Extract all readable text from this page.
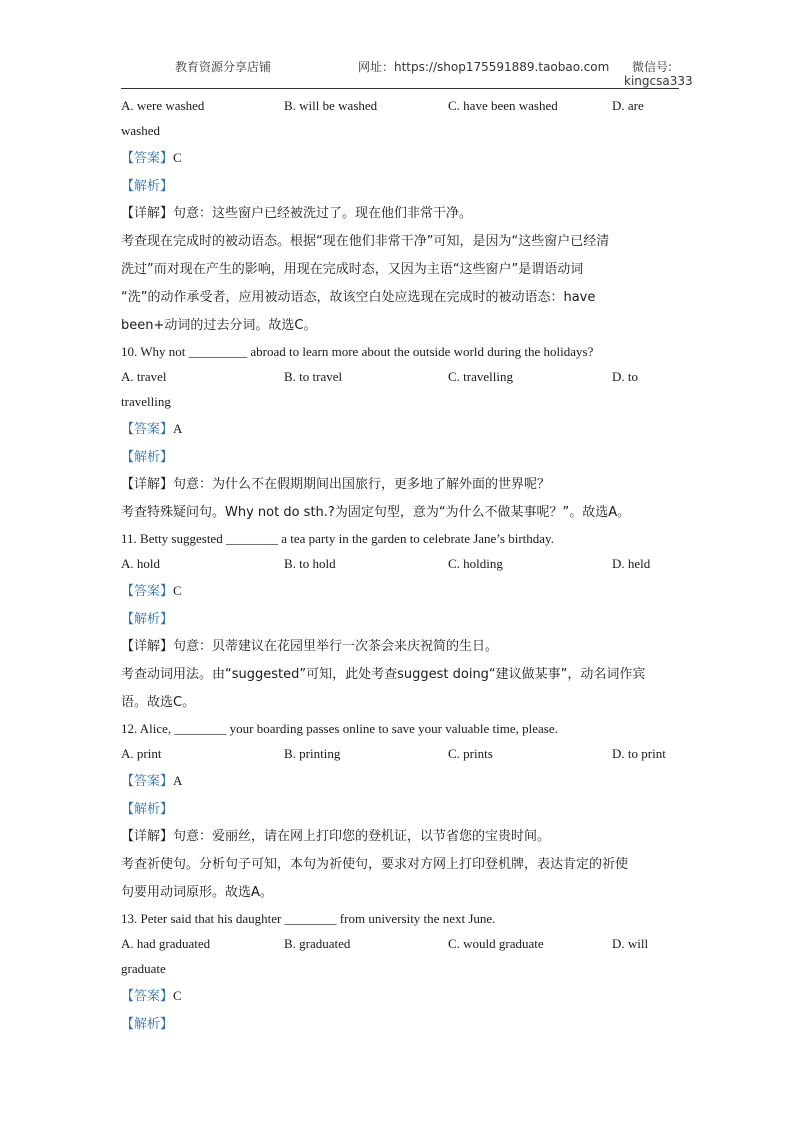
教育资源分享店铺	网址：https://shop175591889.taobao.com 微信号:
kingcsa333
A. were washed	B. will be washed	C. have been washed	D. are
washed
【答案】C
【解析】
【详解】句意：这些窗户已经被洗过了。现在他们非常干净。
考查现在完成时的被动语态。根据“现在他们非常干净”可知，是因为“这些窗户已经清
洗过”而对现在产生的影响，用现在完成时态，又因为主语“这些窗户”是谓语动词
“洗”的动作承受者，应用被动语态，故该空白处应选现在完成时的被动语态：have
been+动词的过去分词。故选C。
10. Why not _________ abroad to learn more about the outside world during the holidays?
A. travel	B. to travel	C. travelling	D. to
travelling
【答案】A
【解析】
【详解】句意：为什么不在假期期间出国旅行，更多地了解外面的世界呢？
考查特殊疑问句。Why not do sth.?为固定句型，意为“为什么不做某事呢？”。故选A。
11. Betty suggested ________ a tea party in the garden to celebrate Jane’s birthday.
A. hold	B. to hold	C. holding	D. held
【答案】C
【解析】
【详解】句意：贝蒂建议在花园里举行一次茶会来庆祝简的生日。
考查动词用法。由“suggested”可知，此处考查suggest doing“建议做某事”，动名词作宾
语。故选C。
12. Alice, ________ your boarding passes online to save your valuable time, please.
A. print	B. printing	C. prints	D. to print
【答案】A
【解析】
【详解】句意：爱丽丝，请在网上打印您的登机证，以节省您的宝贵时间。
考查祈使句。分析句子可知，本句为祈使句，要求对方网上打印登机牌，表达肯定的祈使
句要用动词原形。故选A。
13. Peter said that his daughter ________ from university the next June.
A. had graduated	B. graduated	C. would graduate	D. will
graduate
【答案】C
【解析】
